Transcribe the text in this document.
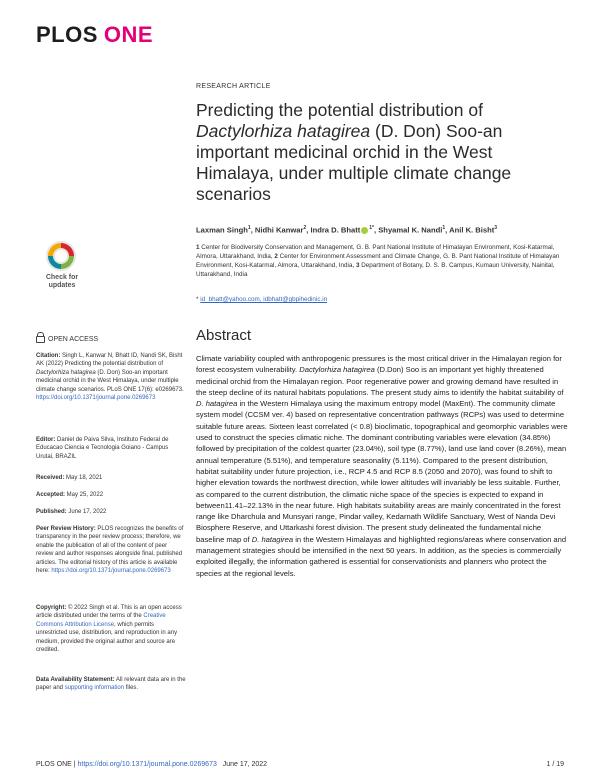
PLOS ONE
RESEARCH ARTICLE
Predicting the potential distribution of Dactylorhiza hatagirea (D. Don) Soo-an important medicinal orchid in the West Himalaya, under multiple climate change scenarios
Laxman Singh$^1$, Nidhi Kanwar$^2$, Indra D. Bhatt $^{1*}$, Shyamal K. Nandi$^1$, Anil K. Bisht$^3$
1 Center for Biodiversity Conservation and Management, G. B. Pant National Institute of Himalayan Environment, Kosi-Katarmal, Almora, Uttarakhand, India, 2 Center for Environment Assessment and Climate Change, G. B. Pant National Institute of Himalayan Environment, Kosi-Katarmal, Almora, Uttarakhand, India, 3 Department of Botany, D. S. B. Campus, Kumaun University, Nainital, Uttarakhand, India
* id_bhatt@yahoo.com, idbhatt@gbpihedinic.in
Abstract
Climate variability coupled with anthropogenic pressures is the most critical driver in the Himalayan region for forest ecosystem vulnerability. Dactylorhiza hatagirea (D.Don) Soo is an important yet highly threatened medicinal orchid from the Himalayan region. Poor regenerative power and growing demand have resulted in the steep decline of its natural habitats populations. The present study aims to identify the habitat suitability of D. hatagirea in the Western Himalaya using the maximum entropy model (MaxEnt). The community climate system model (CCSM ver. 4) based on representative concentration pathways (RCPs) was used to determine suitable future areas. Sixteen least correlated (< 0.8) bioclimatic, topographical and geomorphic variables were used to construct the species climatic niche. The dominant contributing variables were elevation (34.85%) followed by precipitation of the coldest quarter (23.04%), soil type (8.77%), land use land cover (8.26%), mean annual temperature (5.51%), and temperature seasonality (5.11%). Compared to the present distribution, habitat suitability under future projection, i.e., RCP 4.5 and RCP 8.5 (2050 and 2070), was found to shift to higher elevation towards the northwest direction, while lower altitudes will invariably be less suitable. Further, as compared to the current distribution, the climatic niche space of the species is expected to expand in between11.41–22.13% in the near future. High habitats suitability areas are mainly concentrated in the forest range like Dharchula and Munsyari range, Pindar valley, Kedarnath Wildlife Sanctuary, West of Nanda Devi Biosphere Reserve, and Uttarkashi forest division. The present study delineated the fundamental niche baseline map of D. hatagirea in the Western Himalayas and highlighted regions/areas where conservation and management strategies should be intensified in the next 50 years. In addition, as the species is commercially exploited illegally, the information gathered is essential for conservationists and planners who protect the species at the regional levels.
Check for
updates
OPEN ACCESS
Citation: Singh L, Kanwar N, Bhatt ID, Nandi SK, Bisht AK (2022) Predicting the potential distribution of Dactylorhiza hatagirea (D. Don) Soo-an important medicinal orchid in the West Himalaya, under multiple climate change scenarios. PLoS ONE 17(6): e0269673. https://doi.org/10.1371/journal.pone.0269673
Editor: Daniel de Paiva Silva, Instituto Federal de Educacao Ciencia e Tecnologia Goiano - Campus Urutai, BRAZIL
Received: May 18, 2021
Accepted: May 25, 2022
Published: June 17, 2022
Peer Review History: PLOS recognizes the benefits of transparency in the peer review process; therefore, we enable the publication of all of the content of peer review and author responses alongside final, published articles. The editorial history of this article is available here: https://doi.org/10.1371/journal.pone.0269673
Copyright: © 2022 Singh et al. This is an open access article distributed under the terms of the Creative Commons Attribution License, which permits unrestricted use, distribution, and reproduction in any medium, provided the original author and source are credited.
Data Availability Statement: All relevant data are in the paper and supporting information files.
PLOS ONE | https://doi.org/10.1371/journal.pone.0269673 June 17, 2022	1 / 19
